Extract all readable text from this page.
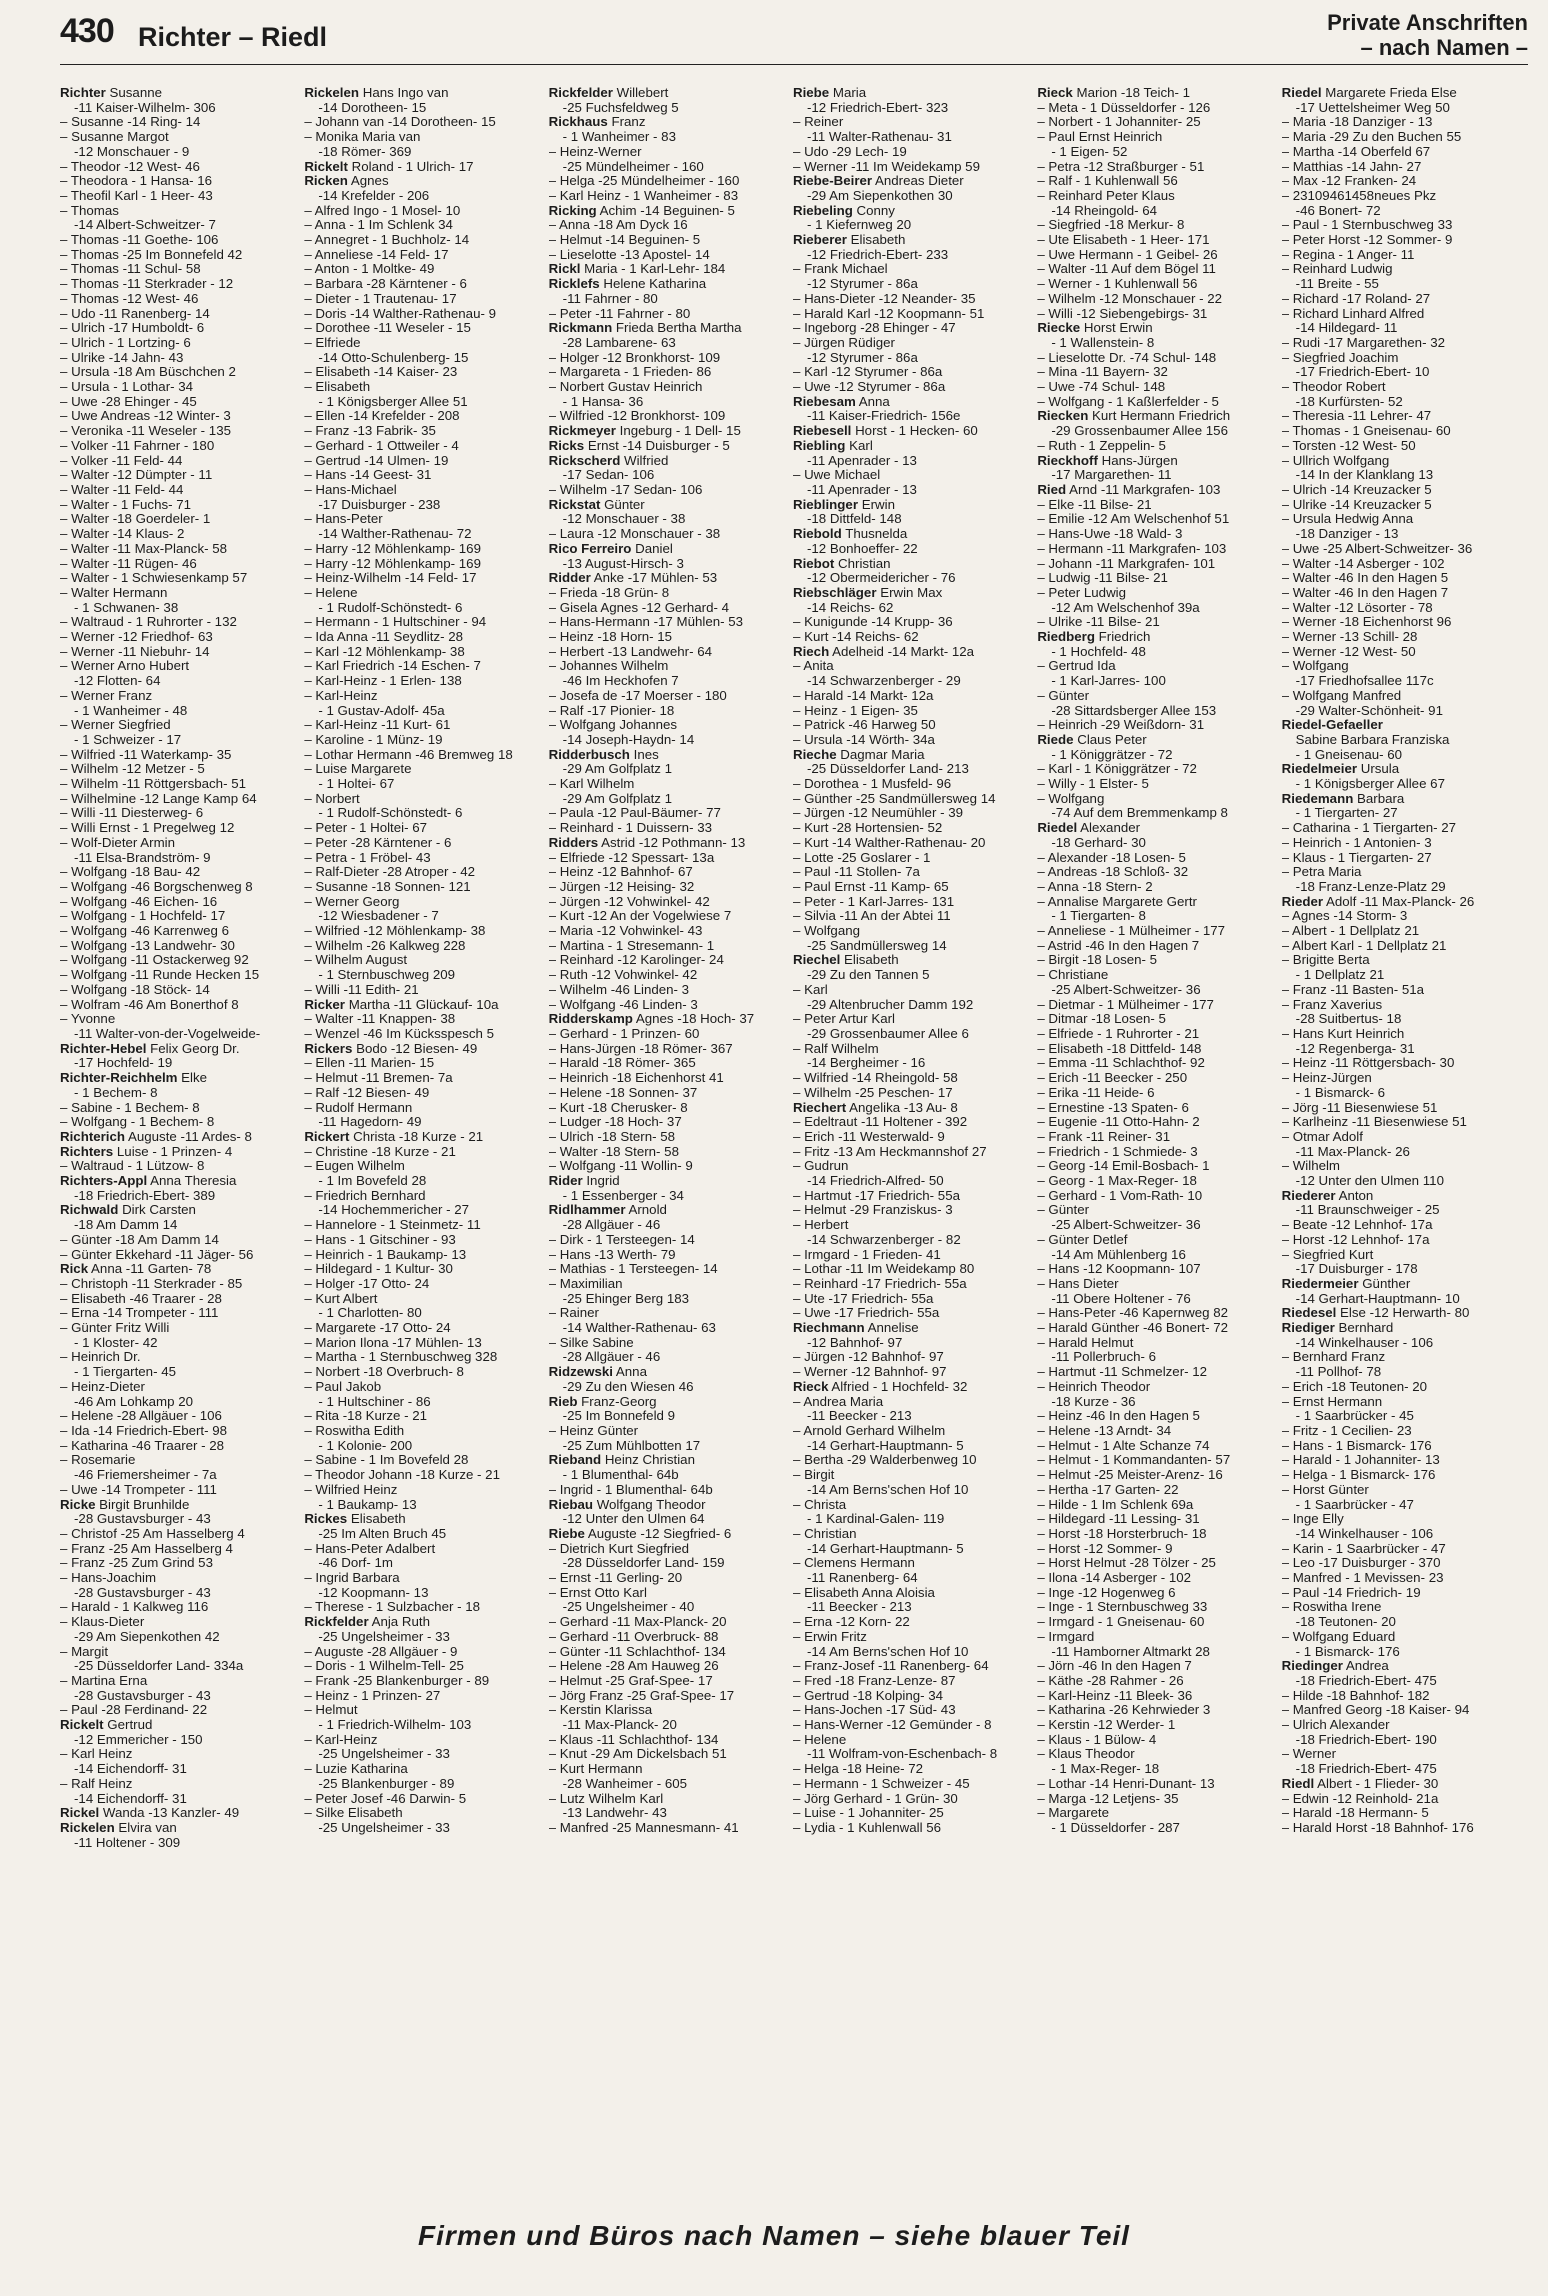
430 Richter – Riedl	Private Anschriften
– nach Namen –
Richter Susanne
-11 Kaiser-Wilhelm- 306
– Susanne -14 Ring- 14
– Susanne Margot
-12 Monschauer - 9
– Theodor -12 West- 46
– Theodora - 1 Hansa- 16
– Theofil Karl - 1 Heer- 43
– Thomas
-14 Albert-Schweitzer- 7
– Thomas -11 Goethe- 106
– Thomas -25 Im Bonnefeld 42
– Thomas -11 Schul- 58
– Thomas -11 Sterkrader - 12
– Thomas -12 West- 46
– Udo -11 Ranenberg- 14
– Ulrich -17 Humboldt- 6
– Ulrich - 1 Lortzing- 6
– Ulrike -14 Jahn- 43
– Ursula -18 Am Büschchen 2
– Ursula - 1 Lothar- 34
– Uwe -28 Ehinger - 45
– Uwe Andreas -12 Winter- 3
– Veronika -11 Weseler - 135
– Volker -11 Fahrner - 180
– Volker -11 Feld- 44
– Walter -12 Dümpter - 11
– Walter -11 Feld- 44
– Walter - 1 Fuchs- 71
– Walter -18 Goerdeler- 1
– Walter -14 Klaus- 2
– Walter -11 Max-Planck- 58
– Walter -11 Rügen- 46
– Walter - 1 Schwiesenkamp 57
– Walter Hermann
- 1 Schwanen- 38
– Waltraud - 1 Ruhrorter - 132
– Werner -12 Friedhof- 63
– Werner -11 Niebuhr- 14
– Werner Arno Hubert
-12 Flotten- 64
– Werner Franz
- 1 Wanheimer - 48
– Werner Siegfried
- 1 Schweizer - 17
– Wilfried -11 Waterkamp- 35
– Wilhelm -12 Metzer - 5
– Wilhelm -11 Röttgersbach- 51
– Wilhelmine -12 Lange Kamp 64
– Willi -11 Diesterweg- 6
– Willi Ernst - 1 Pregelweg 12
– Wolf-Dieter Armin
-11 Elsa-Brandström- 9
– Wolfgang -18 Bau- 42
– Wolfgang -46 Borgschenweg 8
– Wolfgang -46 Eichen- 16
– Wolfgang - 1 Hochfeld- 17
– Wolfgang -46 Karrenweg 6
– Wolfgang -13 Landwehr- 30
– Wolfgang -11 Ostackerweg 92
– Wolfgang -11 Runde Hecken 15
– Wolfgang -18 Stöck- 14
– Wolfram -46 Am Bonerthof 8
– Yvonne
-11 Walter-von-der-Vogelweide-
Richter-Hebel Felix Georg Dr.
-17 Hochfeld- 19
Richter-Reichhelm Elke
- 1 Bechem- 8
– Sabine - 1 Bechem- 8
– Wolfgang - 1 Bechem- 8
Richterich Auguste -11 Ardes- 8
Richters Luise - 1 Prinzen- 4
– Waltraud - 1 Lützow- 8
Richters-Appl Anna Theresia
-18 Friedrich-Ebert- 389
Richwald Dirk Carsten
-18 Am Damm 14
– Günter -18 Am Damm 14
– Günter Ekkehard -11 Jäger- 56
Rick Anna -11 Garten- 78
– Christoph -11 Sterkrader - 85
– Elisabeth -46 Traarer - 28
– Erna -14 Trompeter - 111
– Günter Fritz Willi
- 1 Kloster- 42
– Heinrich Dr.
- 1 Tiergarten- 45
– Heinz-Dieter
-46 Am Lohkamp 20
– Helene -28 Allgäuer - 106
– Ida -14 Friedrich-Ebert- 98
– Katharina -46 Traarer - 28
– Rosemarie
-46 Friemersheimer - 7a
– Uwe -14 Trompeter - 111
Ricke Birgit Brunhilde
-28 Gustavsburger - 43
– Christof -25 Am Hasselberg 4
– Franz -25 Am Hasselberg 4
– Franz -25 Zum Grind 53
– Hans-Joachim
-28 Gustavsburger - 43
– Harald - 1 Kalkweg 116
– Klaus-Dieter
-29 Am Siepenkothen 42
– Margit
-25 Düsseldorfer Land- 334a
– Martina Erna
-28 Gustavsburger - 43
– Paul -28 Ferdinand- 22
Rickelt Gertrud
-12 Emmericher - 150
– Karl Heinz
-14 Eichendorff- 31
– Ralf Heinz
-14 Eichendorff- 31
Rickel Wanda -13 Kanzler- 49
Rickelen Elvira van
-11 Holtener - 309
Rickelen Hans Ingo van
-14 Dorotheen- 15
– Johann van -14 Dorotheen- 15
– Monika Maria van
-18 Römer- 369
Rickelt Roland - 1 Ulrich- 17
Ricken Agnes
-14 Krefelder - 206
– Alfred Ingo - 1 Mosel- 10
– Anna - 1 Im Schlenk 34
– Annegret - 1 Buchholz- 14
– Anneliese -14 Feld- 17
– Anton - 1 Moltke- 49
– Barbara -28 Kärntener - 6
– Dieter - 1 Trautenau- 17
– Doris -14 Walther-Rathenau- 9
– Dorothee -11 Weseler - 15
– Elfriede
-14 Otto-Schulenberg- 15
– Elisabeth -14 Kaiser- 23
– Elisabeth
- 1 Königsberger Allee 51
– Ellen -14 Krefelder - 208
– Franz -13 Fabrik- 35
– Gerhard - 1 Ottweiler - 4
– Gertrud -14 Ulmen- 19
– Hans -14 Geest- 31
– Hans-Michael
-17 Duisburger - 238
– Hans-Peter
-14 Walther-Rathenau- 72
– Harry -12 Möhlenkamp- 169
– Harry -12 Möhlenkamp- 169
– Heinz-Wilhelm -14 Feld- 17
– Helene
- 1 Rudolf-Schönstedt- 6
– Hermann - 1 Hultschiner - 94
– Ida Anna -11 Seydlitz- 28
– Karl -12 Möhlenkamp- 38
– Karl Friedrich -14 Eschen- 7
– Karl-Heinz - 1 Erlen- 138
– Karl-Heinz
- 1 Gustav-Adolf- 45a
– Karl-Heinz -11 Kurt- 61
– Karoline - 1 Münz- 19
– Lothar Hermann -46 Bremweg 18
– Luise Margarete
- 1 Holtei- 67
– Norbert
- 1 Rudolf-Schönstedt- 6
– Peter - 1 Holtei- 67
– Peter -28 Kärntener - 6
– Petra - 1 Fröbel- 43
– Ralf-Dieter -28 Atroper - 42
– Susanne -18 Sonnen- 121
– Werner Georg
-12 Wiesbadener - 7
– Wilfried -12 Möhlenkamp- 38
– Wilhelm -26 Kalkweg 228
– Wilhelm August
- 1 Sternbuschweg 209
– Willi -11 Edith- 21
Ricker Martha -11 Glückauf- 10a
– Walter -11 Knappen- 38
– Wenzel -46 Im Kücksspesch 5
Rickers Bodo -12 Biesen- 49
– Ellen -11 Marien- 15
– Helmut -11 Bremen- 7a
– Ralf -12 Biesen- 49
– Rudolf Hermann
-11 Hagedorn- 49
Rickert Christa -18 Kurze - 21
– Christine -18 Kurze - 21
– Eugen Wilhelm
- 1 Im Bovefeld 28
– Friedrich Bernhard
-14 Hochemmericher - 27
– Hannelore - 1 Steinmetz- 11
– Hans - 1 Gitschiner - 93
– Heinrich - 1 Baukamp- 13
– Hildegard - 1 Kultur- 30
– Holger -17 Otto- 24
– Kurt Albert
- 1 Charlotten- 80
– Margarete -17 Otto- 24
– Marion Ilona -17 Mühlen- 13
– Martha - 1 Sternbuschweg 328
– Norbert -18 Overbruch- 8
– Paul Jakob
- 1 Hultschiner - 86
– Rita -18 Kurze - 21
– Roswitha Edith
- 1 Kolonie- 200
– Sabine - 1 Im Bovefeld 28
– Theodor Johann -18 Kurze - 21
– Wilfried Heinz
- 1 Baukamp- 13
Rickes Elisabeth
-25 Im Alten Bruch 45
– Hans-Peter Adalbert
-46 Dorf- 1m
– Ingrid Barbara
-12 Koopmann- 13
– Therese - 1 Sulzbacher - 18
Rickfelder Anja Ruth
-25 Ungelsheimer - 33
– Auguste -28 Allgäuer - 9
– Doris - 1 Wilhelm-Tell- 25
– Frank -25 Blankenburger - 89
– Heinz - 1 Prinzen- 27
– Helmut
- 1 Friedrich-Wilhelm- 103
– Karl-Heinz
-25 Ungelsheimer - 33
– Luzie Katharina
-25 Blankenburger - 89
– Peter Josef -46 Darwin- 5
– Silke Elisabeth
-25 Ungelsheimer - 33
Rickfelder Willebert
-25 Fuchsfeldweg 5
Rickhaus Franz
- 1 Wanheimer - 83
– Heinz-Werner
-25 Mündelheimer - 160
– Helga -25 Mündelheimer - 160
– Karl Heinz - 1 Wanheimer - 83
Ricking Achim -14 Beguinen- 5
– Anna -18 Am Dyck 16
– Helmut -14 Beguinen- 5
– Lieselotte -13 Apostel- 14
Rickl Maria - 1 Karl-Lehr- 184
Ricklefs Helene Katharina
-11 Fahrner - 80
– Peter -11 Fahrner - 80
Rickmann Frieda Bertha Martha
-28 Lambarene- 63
– Holger -12 Bronkhorst- 109
– Margareta - 1 Frieden- 86
– Norbert Gustav Heinrich
- 1 Hansa- 36
– Wilfried -12 Bronkhorst- 109
Rickmeyer Ingeburg - 1 Dell- 15
Ricks Ernst -14 Duisburger - 5
Rickscherd Wilfried
-17 Sedan- 106
– Wilhelm -17 Sedan- 106
Rickstat Günter
-12 Monschauer - 38
– Laura -12 Monschauer - 38
Rico Ferreiro Daniel
-13 August-Hirsch- 3
Ridder Anke -17 Mühlen- 53
– Frieda -18 Grün- 8
– Gisela Agnes -12 Gerhard- 4
– Hans-Hermann -17 Mühlen- 53
– Heinz -18 Horn- 15
– Herbert -13 Landwehr- 64
– Johannes Wilhelm
-46 Im Heckhofen 7
– Josefa de -17 Moerser - 180
– Ralf -17 Pionier- 18
– Wolfgang Johannes
-14 Joseph-Haydn- 14
Ridderbusch Ines
-29 Am Golfplatz 1
– Karl Wilhelm
-29 Am Golfplatz 1
– Paula -12 Paul-Bäumer- 77
– Reinhard - 1 Duissern- 33
Ridders Astrid -12 Pothmann- 13
– Elfriede -12 Spessart- 13a
– Heinz -12 Bahnhof- 67
– Jürgen -12 Heising- 32
– Jürgen -12 Vohwinkel- 42
– Kurt -12 An der Vogelwiese 7
– Maria -12 Vohwinkel- 43
– Martina - 1 Stresemann- 1
– Reinhard -12 Karolinger- 24
– Ruth -12 Vohwinkel- 42
– Wilhelm -46 Linden- 3
– Wolfgang -46 Linden- 3
Ridderskamp Agnes -18 Hoch- 37
– Gerhard - 1 Prinzen- 60
– Hans-Jürgen -18 Römer- 367
– Harald -18 Römer- 365
– Heinrich -18 Eichenhorst 41
– Helene -18 Sonnen- 37
– Kurt -18 Cherusker- 8
– Ludger -18 Hoch- 37
– Ulrich -18 Stern- 58
– Walter -18 Stern- 58
– Wolfgang -11 Wollin- 9
Rider Ingrid
- 1 Essenberger - 34
Ridlhammer Arnold
-28 Allgäuer - 46
– Dirk - 1 Tersteegen- 14
– Hans -13 Werth- 79
– Mathias - 1 Tersteegen- 14
– Maximilian
-25 Ehinger Berg 183
– Rainer
-14 Walther-Rathenau- 63
– Silke Sabine
-28 Allgäuer - 46
Ridzewski Anna
-29 Zu den Wiesen 46
Rieb Franz-Georg
-25 Im Bonnefeld 9
– Heinz Günter
-25 Zum Mühlbotten 17
Rieband Heinz Christian
- 1 Blumenthal- 64b
– Ingrid - 1 Blumenthal- 64b
Riebau Wolfgang Theodor
-12 Unter den Ulmen 64
Riebe Auguste -12 Siegfried- 6
– Dietrich Kurt Siegfried
-28 Düsseldorfer Land- 159
– Ernst -11 Gerling- 20
– Ernst Otto Karl
-25 Ungelsheimer - 40
– Gerhard -11 Max-Planck- 20
– Gerhard -11 Overbruck- 88
– Günter -11 Schlachthof- 134
– Helene -28 Am Hauweg 26
– Helmut -25 Graf-Spee- 17
– Jörg Franz -25 Graf-Spee- 17
– Kerstin Klarissa
-11 Max-Planck- 20
– Klaus -11 Schlachthof- 134
– Knut -29 Am Dickelsbach 51
– Kurt Hermann
-28 Wanheimer - 605
– Lutz Wilhelm Karl
-13 Landwehr- 43
– Manfred -25 Mannesmann- 41
Riebe Maria
-12 Friedrich-Ebert- 323
– Reiner
-11 Walter-Rathenau- 31
– Udo -29 Lech- 19
– Werner -11 Im Weidekamp 59
Riebe-Beirer Andreas Dieter
-29 Am Siepenkothen 30
Riebeling Conny
- 1 Kiefernweg 20
Rieberer Elisabeth
-12 Friedrich-Ebert- 233
– Frank Michael
-12 Styrumer - 86a
– Hans-Dieter -12 Neander- 35
– Harald Karl -12 Koopmann- 51
– Ingeborg -28 Ehinger - 47
– Jürgen Rüdiger
-12 Styrumer - 86a
– Karl -12 Styrumer - 86a
– Uwe -12 Styrumer - 86a
Riebesam Anna
-11 Kaiser-Friedrich- 156e
Riebesell Horst - 1 Hecken- 60
Riebling Karl
-11 Apenrader - 13
– Uwe Michael
-11 Apenrader - 13
Rieblinger Erwin
-18 Dittfeld- 148
Riebold Thusnelda
-12 Bonhoeffer- 22
Riebot Christian
-12 Obermeidericher - 76
Riebschläger Erwin Max
-14 Reichs- 62
– Kunigunde -14 Krupp- 36
– Kurt -14 Reichs- 62
Riech Adelheid -14 Markt- 12a
– Anita
-14 Schwarzenberger - 29
– Harald -14 Markt- 12a
– Heinz - 1 Eigen- 35
– Patrick -46 Harweg 50
– Ursula -14 Wörth- 34a
Rieche Dagmar Maria
-25 Düsseldorfer Land- 213
– Dorothea - 1 Musfeld- 96
– Günther -25 Sandmüllersweg 14
– Jürgen -12 Neumühler - 39
– Kurt -28 Hortensien- 52
– Kurt -14 Walther-Rathenau- 20
– Lotte -25 Goslarer - 1
– Paul -11 Stollen- 7a
– Paul Ernst -11 Kamp- 65
– Peter - 1 Karl-Jarres- 131
– Silvia -11 An der Abtei 11
– Wolfgang
-25 Sandmüllersweg 14
Riechel Elisabeth
-29 Zu den Tannen 5
– Karl
-29 Altenbrucher Damm 192
– Peter Artur Karl
-29 Grossenbaumer Allee 6
– Ralf Wilhelm
-14 Bergheimer - 16
– Wilfried -14 Rheingold- 58
– Wilhelm -25 Peschen- 17
Riechert Angelika -13 Au- 8
– Edeltraut -11 Holtener - 392
– Erich -11 Westerwald- 9
– Fritz -13 Am Heckmannshof 27
– Gudrun
-14 Friedrich-Alfred- 50
– Hartmut -17 Friedrich- 55a
– Helmut -29 Franziskus- 3
– Herbert
-14 Schwarzenberger - 82
– Irmgard - 1 Frieden- 41
– Lothar -11 Im Weidekamp 80
– Reinhard -17 Friedrich- 55a
– Ute -17 Friedrich- 55a
– Uwe -17 Friedrich- 55a
Riechmann Annelise
-12 Bahnhof- 97
– Jürgen -12 Bahnhof- 97
– Werner -12 Bahnhof- 97
Rieck Alfried - 1 Hochfeld- 32
– Andrea Maria
-11 Beecker - 213
– Arnold Gerhard Wilhelm
-14 Gerhart-Hauptmann- 5
– Bertha -29 Walderbenweg 10
– Birgit
-14 Am Berns'schen Hof 10
– Christa
- 1 Kardinal-Galen- 119
– Christian
-14 Gerhart-Hauptmann- 5
– Clemens Hermann
-11 Ranenberg- 64
– Elisabeth Anna Aloisia
-11 Beecker - 213
– Erna -12 Korn- 22
– Erwin Fritz
-14 Am Berns'schen Hof 10
– Franz-Josef -11 Ranenberg- 64
– Fred -18 Franz-Lenze- 87
– Gertrud -18 Kolping- 34
– Hans-Jochen -17 Süd- 43
– Hans-Werner -12 Gemünder - 8
– Helene
-11 Wolfram-von-Eschenbach- 8
– Helga -18 Heine- 72
– Hermann - 1 Schweizer - 45
– Jörg Gerhard - 1 Grün- 30
– Luise - 1 Johanniter- 25
– Lydia - 1 Kuhlenwall 56
Rieck Marion -18 Teich- 1
– Meta - 1 Düsseldorfer - 126
– Norbert - 1 Johanniter- 25
– Paul Ernst Heinrich
- 1 Eigen- 52
– Petra -12 Straßburger - 51
– Ralf - 1 Kuhlenwall 56
– Reinhard Peter Klaus
-14 Rheingold- 64
– Siegfried -18 Merkur- 8
– Ute Elisabeth - 1 Heer- 171
– Uwe Hermann - 1 Geibel- 26
– Walter -11 Auf dem Bögel 11
– Werner - 1 Kuhlenwall 56
– Wilhelm -12 Monschauer - 22
– Willi -12 Siebengebirgs- 31
Riecke Horst Erwin
- 1 Wallenstein- 8
– Lieselotte Dr. -74 Schul- 148
– Mina -11 Bayern- 32
– Uwe -74 Schul- 148
– Wolfgang - 1 Kaßlerfelder - 5
Riecken Kurt Hermann Friedrich
-29 Grossenbaumer Allee 156
– Ruth - 1 Zeppelin- 5
Rieckhoff Hans-Jürgen
-17 Margarethen- 11
Ried Arnd -11 Markgrafen- 103
– Elke -11 Bilse- 21
– Emilie -12 Am Welschenhof 51
– Hans-Uwe -18 Wald- 3
– Hermann -11 Markgrafen- 103
– Johann -11 Markgrafen- 101
– Ludwig -11 Bilse- 21
– Peter Ludwig
-12 Am Welschenhof 39a
– Ulrike -11 Bilse- 21
Riedberg Friedrich
- 1 Hochfeld- 48
– Gertrud Ida
- 1 Karl-Jarres- 100
– Günter
-28 Sittardsberger Allee 153
– Heinrich -29 Weißdorn- 31
Riede Claus Peter
- 1 Königgrätzer - 72
– Karl - 1 Königgrätzer - 72
– Willy - 1 Elster- 5
– Wolfgang
-74 Auf dem Bremmenkamp 8
Riedel Alexander
-18 Gerhard- 30
– Alexander -18 Losen- 5
– Andreas -18 Schloß- 32
– Anna -18 Stern- 2
– Annalise Margarete Gertr
- 1 Tiergarten- 8
– Anneliese - 1 Mülheimer - 177
– Astrid -46 In den Hagen 7
– Birgit -18 Losen- 5
– Christiane
-25 Albert-Schweitzer- 36
– Dietmar - 1 Mülheimer - 177
– Ditmar -18 Losen- 5
– Elfriede - 1 Ruhrorter - 21
– Elisabeth -18 Dittfeld- 148
– Emma -11 Schlachthof- 92
– Erich -11 Beecker - 250
– Erika -11 Heide- 6
– Ernestine -13 Spaten- 6
– Eugenie -11 Otto-Hahn- 2
– Frank -11 Reiner- 31
– Friedrich - 1 Schmiede- 3
– Georg -14 Emil-Bosbach- 1
– Georg - 1 Max-Reger- 18
– Gerhard - 1 Vom-Rath- 10
– Günter
-25 Albert-Schweitzer- 36
– Günter Detlef
-14 Am Mühlenberg 16
– Hans -12 Koopmann- 107
– Hans Dieter
-11 Obere Holtener - 76
– Hans-Peter -46 Kapernweg 82
– Harald Günther -46 Bonert- 72
– Harald Helmut
-11 Pollerbruch- 6
– Hartmut -11 Schmelzer- 12
– Heinrich Theodor
-18 Kurze - 36
– Heinz -46 In den Hagen 5
– Helene -13 Arndt- 34
– Helmut - 1 Alte Schanze 74
– Helmut - 1 Kommandanten- 57
– Helmut -25 Meister-Arenz- 16
– Hertha -17 Garten- 22
– Hilde - 1 Im Schlenk 69a
– Hildegard -11 Lessing- 31
– Horst -18 Horsterbruch- 18
– Horst -12 Sommer- 9
– Horst Helmut -28 Tölzer - 25
– Ilona -14 Asberger - 102
– Inge -12 Hogenweg 6
– Inge - 1 Sternbuschweg 33
– Irmgard - 1 Gneisenau- 60
– Irmgard
-11 Hamborner Altmarkt 28
– Jörn -46 In den Hagen 7
– Käthe -28 Rahmer - 26
– Karl-Heinz -11 Bleek- 36
– Katharina -26 Kehrwieder 3
– Kerstin -12 Werder- 1
– Klaus - 1 Bülow- 4
– Klaus Theodor
- 1 Max-Reger- 18
– Lothar -14 Henri-Dunant- 13
– Marga -12 Letjens- 35
– Margarete
- 1 Düsseldorfer - 287
Riedel Margarete Frieda Else
-17 Uettelsheimer Weg 50
– Maria -18 Danziger - 13
– Maria -29 Zu den Buchen 55
– Martha -14 Oberfeld 67
– Matthias -14 Jahn- 27
– Max -12 Franken- 24
– 23109461458neues Pkz
-46 Bonert- 72
– Paul - 1 Sternbuschweg 33
– Peter Horst -12 Sommer- 9
– Regina - 1 Anger- 11
– Reinhard Ludwig
-11 Breite - 55
– Richard -17 Roland- 27
– Richard Linhard Alfred
-14 Hildegard- 11
– Rudi -17 Margarethen- 32
– Siegfried Joachim
-17 Friedrich-Ebert- 10
– Theodor Robert
-18 Kurfürsten- 52
– Theresia -11 Lehrer- 47
– Thomas - 1 Gneisenau- 60
– Torsten -12 West- 50
– Ullrich Wolfgang
-14 In der Klanklang 13
– Ulrich -14 Kreuzacker 5
– Ulrike -14 Kreuzacker 5
– Ursula Hedwig Anna
-18 Danziger - 13
– Uwe -25 Albert-Schweitzer- 36
– Walter -14 Asberger - 102
– Walter -46 In den Hagen 5
– Walter -46 In den Hagen 7
– Walter -12 Lösorter - 78
– Werner -18 Eichenhorst 96
– Werner -13 Schill- 28
– Werner -12 West- 50
– Wolfgang
-17 Friedhofsallee 117c
– Wolfgang Manfred
-29 Walter-Schönheit- 91
Riedel-Gefaeller
Sabine Barbara Franziska
- 1 Gneisenau- 60
Riedelmeier Ursula
- 1 Königsberger Allee 67
Riedemann Barbara
- 1 Tiergarten- 27
– Catharina - 1 Tiergarten- 27
– Heinrich - 1 Antonien- 3
– Klaus - 1 Tiergarten- 27
– Petra Maria
-18 Franz-Lenze-Platz 29
Rieder Adolf -11 Max-Planck- 26
– Agnes -14 Storm- 3
– Albert - 1 Dellplatz 21
– Albert Karl - 1 Dellplatz 21
– Brigitte Berta
- 1 Dellplatz 21
– Franz -11 Basten- 51a
– Franz Xaverius
-28 Suitbertus- 18
– Hans Kurt Heinrich
-12 Regenberga- 31
– Heinz -11 Röttgersbach- 30
– Heinz-Jürgen
- 1 Bismarck- 6
– Jörg -11 Biesenwiese 51
– Karlheinz -11 Biesenwiese 51
– Otmar Adolf
-11 Max-Planck- 26
– Wilhelm
-12 Unter den Ulmen 110
Riederer Anton
-11 Braunschweiger - 25
– Beate -12 Lehnhof- 17a
– Horst -12 Lehnhof- 17a
– Siegfried Kurt
-17 Duisburger - 178
Riedermeier Günther
-14 Gerhart-Hauptmann- 10
Riedesel Else -12 Herwarth- 80
Riediger Bernhard
-14 Winkelhauser - 106
– Bernhard Franz
-11 Pollhof- 78
– Erich -18 Teutonen- 20
– Ernst Hermann
- 1 Saarbrücker - 45
– Fritz - 1 Cecilien- 23
– Hans - 1 Bismarck- 176
– Harald - 1 Johanniter- 13
– Helga - 1 Bismarck- 176
– Horst Günter
- 1 Saarbrücker - 47
– Inge Elly
-14 Winkelhauser - 106
– Karin - 1 Saarbrücker - 47
– Leo -17 Duisburger - 370
– Manfred - 1 Mevissen- 23
– Paul -14 Friedrich- 19
– Roswitha Irene
-18 Teutonen- 20
– Wolfgang Eduard
- 1 Bismarck- 176
Riedinger Andrea
-18 Friedrich-Ebert- 475
– Hilde -18 Bahnhof- 182
– Manfred Georg -18 Kaiser- 94
– Ulrich Alexander
-18 Friedrich-Ebert- 190
– Werner
-18 Friedrich-Ebert- 475
Riedl Albert - 1 Flieder- 30
– Edwin -12 Reinhold- 21a
– Harald -18 Hermann- 5
– Harald Horst -18 Bahnhof- 176
Firmen und Büros nach Namen – siehe blauer Teil
